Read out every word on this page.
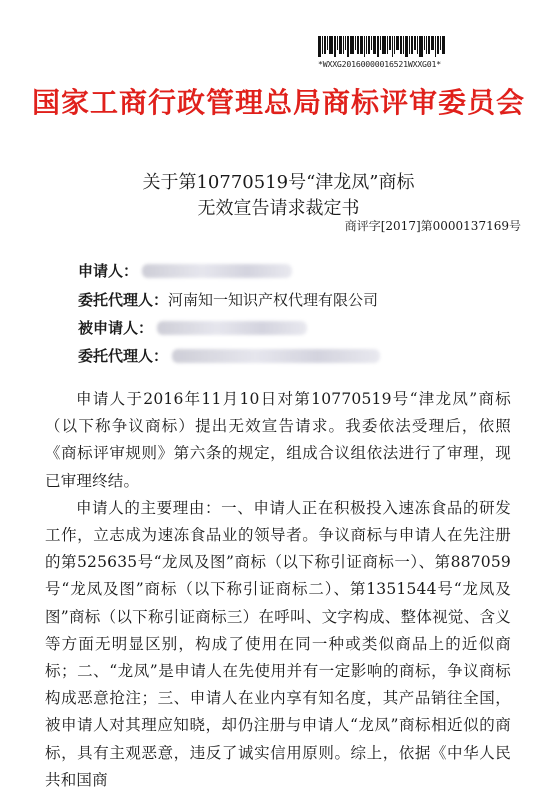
*WXXG20160000016521WXXG01*
国家工商行政管理总局商标评审委员会
关于第10770519号“津龙凤”商标
无效宣告请求裁定书
商评字[2017]第0000137169号
申请人：
委托代理人： 河南知一知识产权代理有限公司
被申请人：
委托代理人：

申请人于2016年11月10日对第10770519号“津龙凤”商标（以下称争议商标）提出无效宣告请求。我委依法受理后，依照《商标评审规则》第六条的规定，组成合议组依法进行了审理，现已审理终结。

申请人的主要理由：一、申请人正在积极投入速冻食品的研发工作，立志成为速冻食品业的领导者。争议商标与申请人在先注册的第525635号“龙凤及图”商标（以下称引证商标一）、第887059号“龙凤及图”商标（以下称引证商标二）、第1351544号“龙凤及图”商标（以下称引证商标三）在呼叫、文字构成、整体视觉、含义等方面无明显区别，构成了使用在同一种或类似商品上的近似商标；二、“龙凤”是申请人在先使用并有一定影响的商标，争议商标构成恶意抢注；三、申请人在业内享有知名度，其产品销往全国，被申请人对其理应知晓，却仍注册与申请人“龙凤”商标相近似的商标，具有主观恶意，违反了诚实信用原则。综上，依据《中华人民共和国商
